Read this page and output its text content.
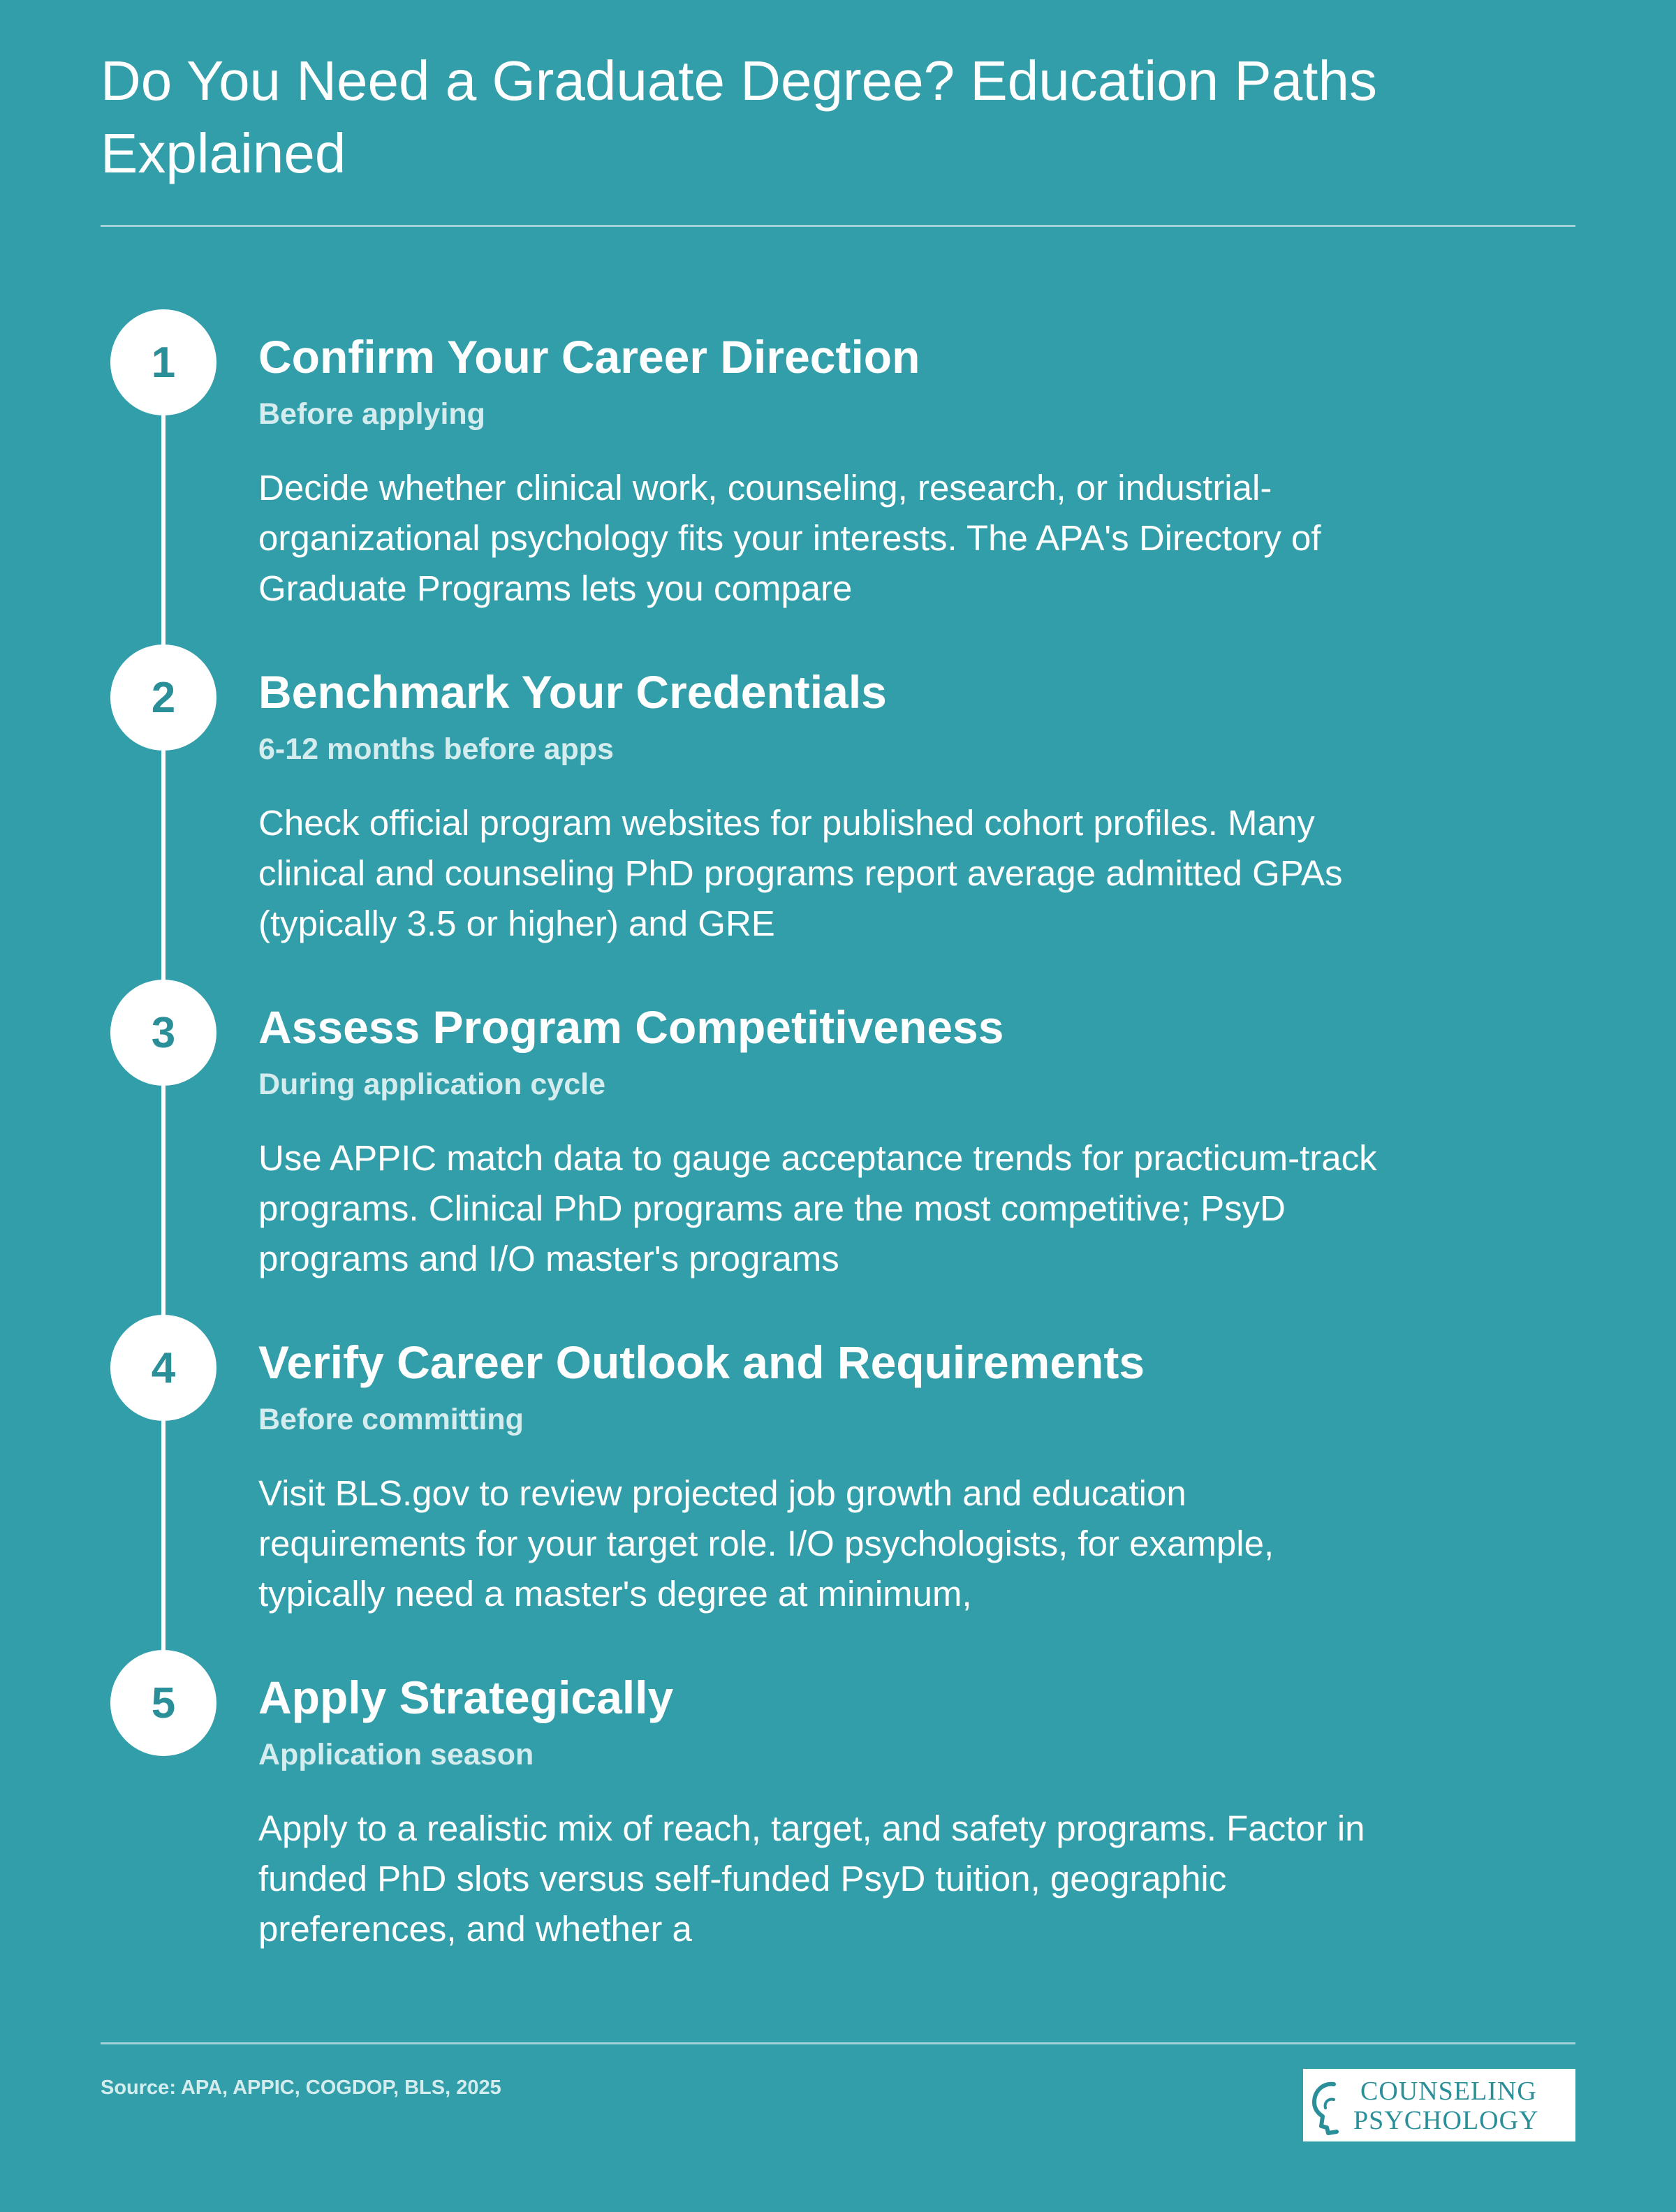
Do You Need a Graduate Degree? Education Paths Explained
1	Confirm Your Career Direction
Before applying

Decide whether clinical work, counseling, research, or industrial-organizational psychology fits your interests. The APA's Directory of Graduate Programs lets you compare

2	Benchmark Your Credentials
6-12 months before apps

Check official program websites for published cohort profiles. Many clinical and counseling PhD programs report average admitted GPAs (typically 3.5 or higher) and GRE

3	Assess Program Competitiveness
During application cycle

Use APPIC match data to gauge acceptance trends for practicum-track programs. Clinical PhD programs are the most competitive; PsyD programs and I/O master's programs

4	Verify Career Outlook and Requirements
Before committing

Visit BLS.gov to review projected job growth and education requirements for your target role. I/O psychologists, for example, typically need a master's degree at minimum,

5	Apply Strategically
Application season

Apply to a realistic mix of reach, target, and safety programs. Factor in funded PhD slots versus self-funded PsyD tuition, geographic preferences, and whether a

Source: APA, APPIC, COGDOP, BLS, 2025	COUNSELING
PSYCHOLOGY
